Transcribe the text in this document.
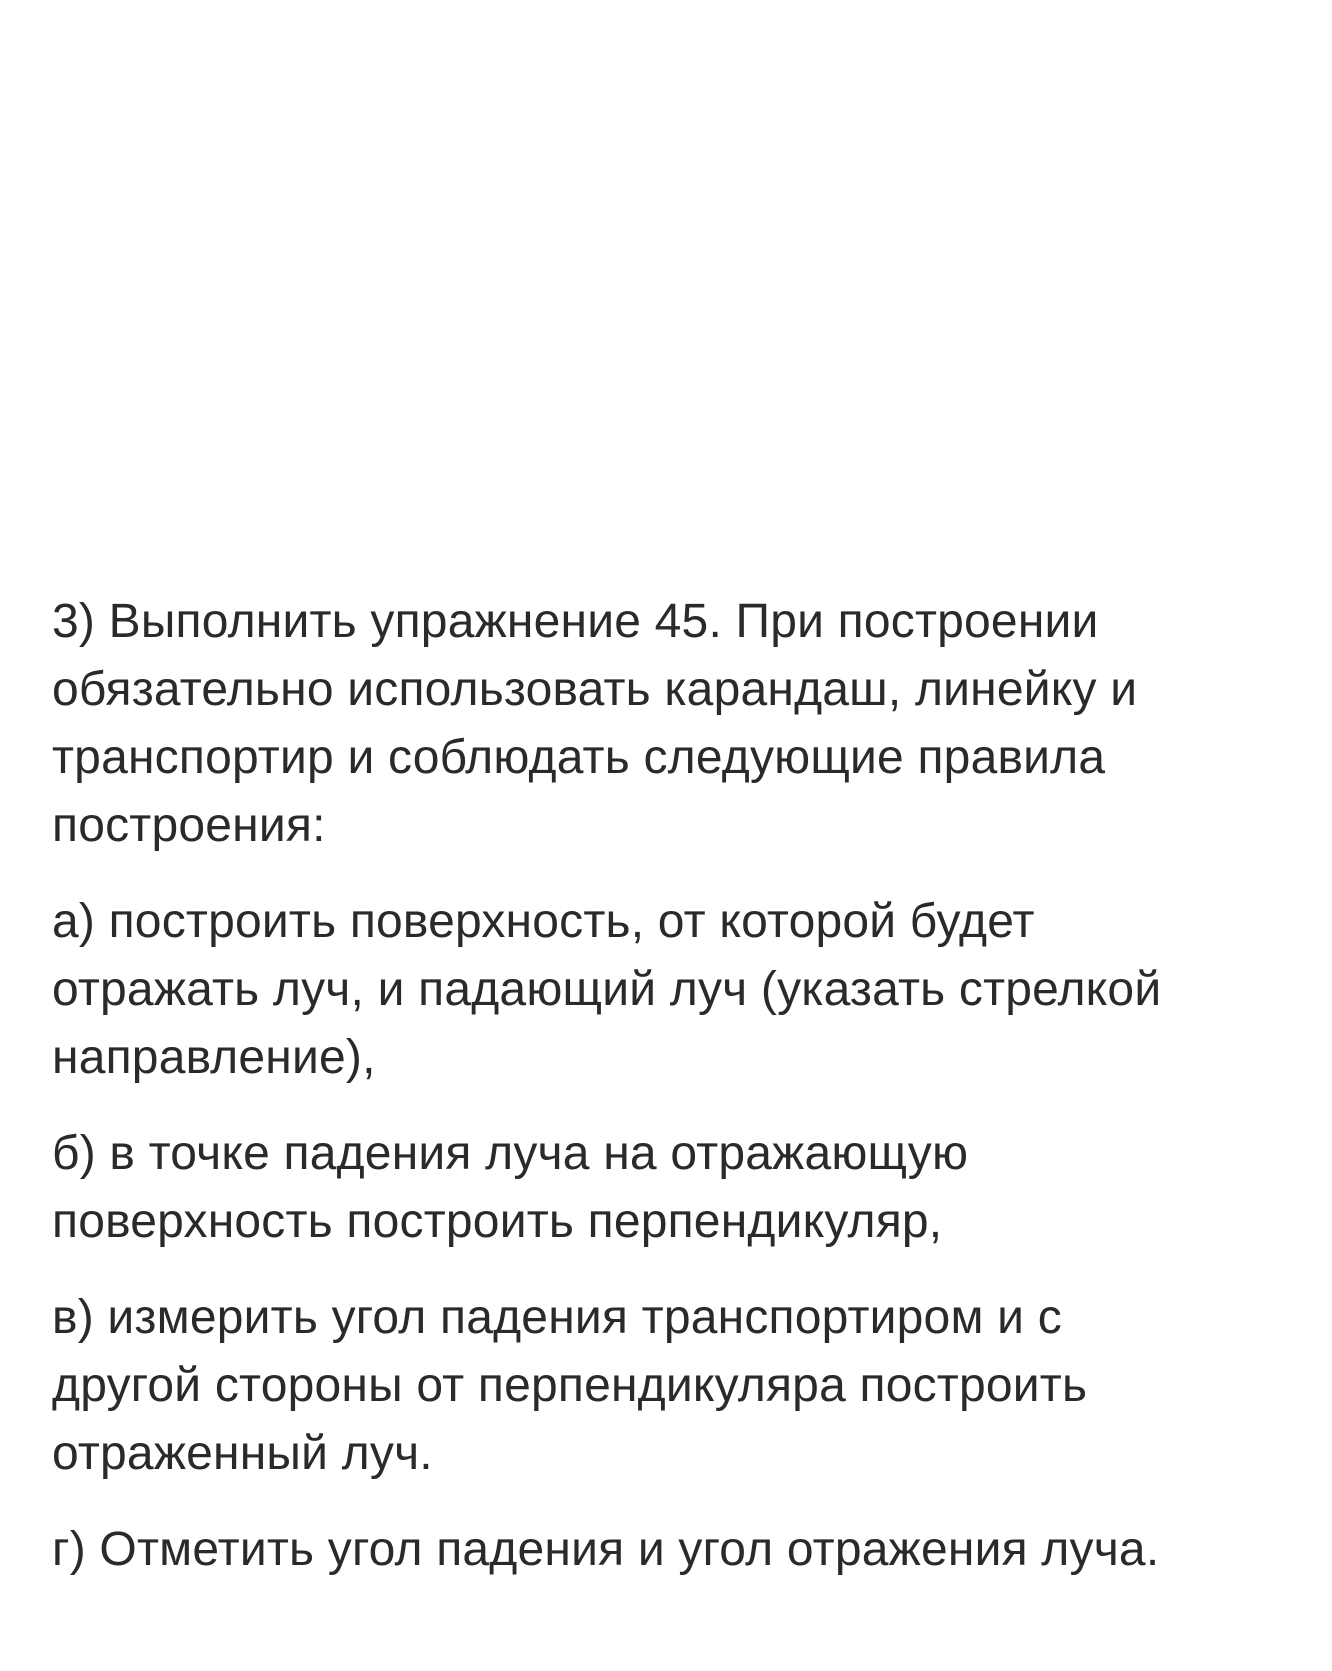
3) Выполнить упражнение 45. При построении
обязательно использовать карандаш, линейку и
транспортир и соблюдать следующие правила
построения:

а) построить поверхность, от которой будет
отражать луч, и падающий луч (указать стрелкой
направление),

б) в точке падения луча на отражающую
поверхность построить перпендикуляр,

в) измерить угол падения транспортиром и с
другой стороны от перпендикуляра построить
отраженный луч.

г) Отметить угол падения и угол отражения луча.
